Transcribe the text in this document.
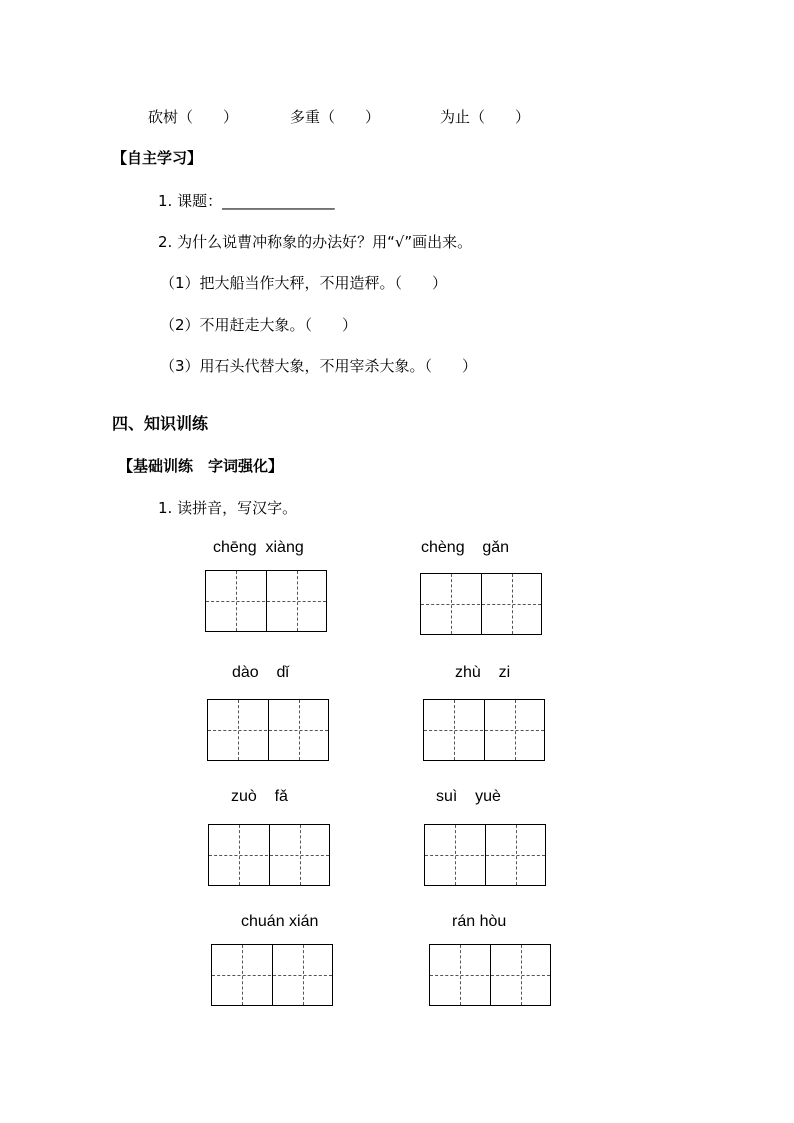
砍树（　　）	多重（　　）	为止（　　）
【自主学习】
1. 课题：_______________
2. 为什么说曹冲称象的办法好？用“√”画出来。
（1）把大船当作大秤，不用造秤。（　　）
（2）不用赶走大象。（　　）
（3）用石头代替大象，不用宰杀大象。（　　）
四、知识训练
【基础训练　字词强化】
1. 读拼音，写汉字。
chēng  xiàng	chèng    gǎn
dào    dǐ	zhù    zi
zuò    fǎ	suì    yuè
chuán xián	rán hòu
